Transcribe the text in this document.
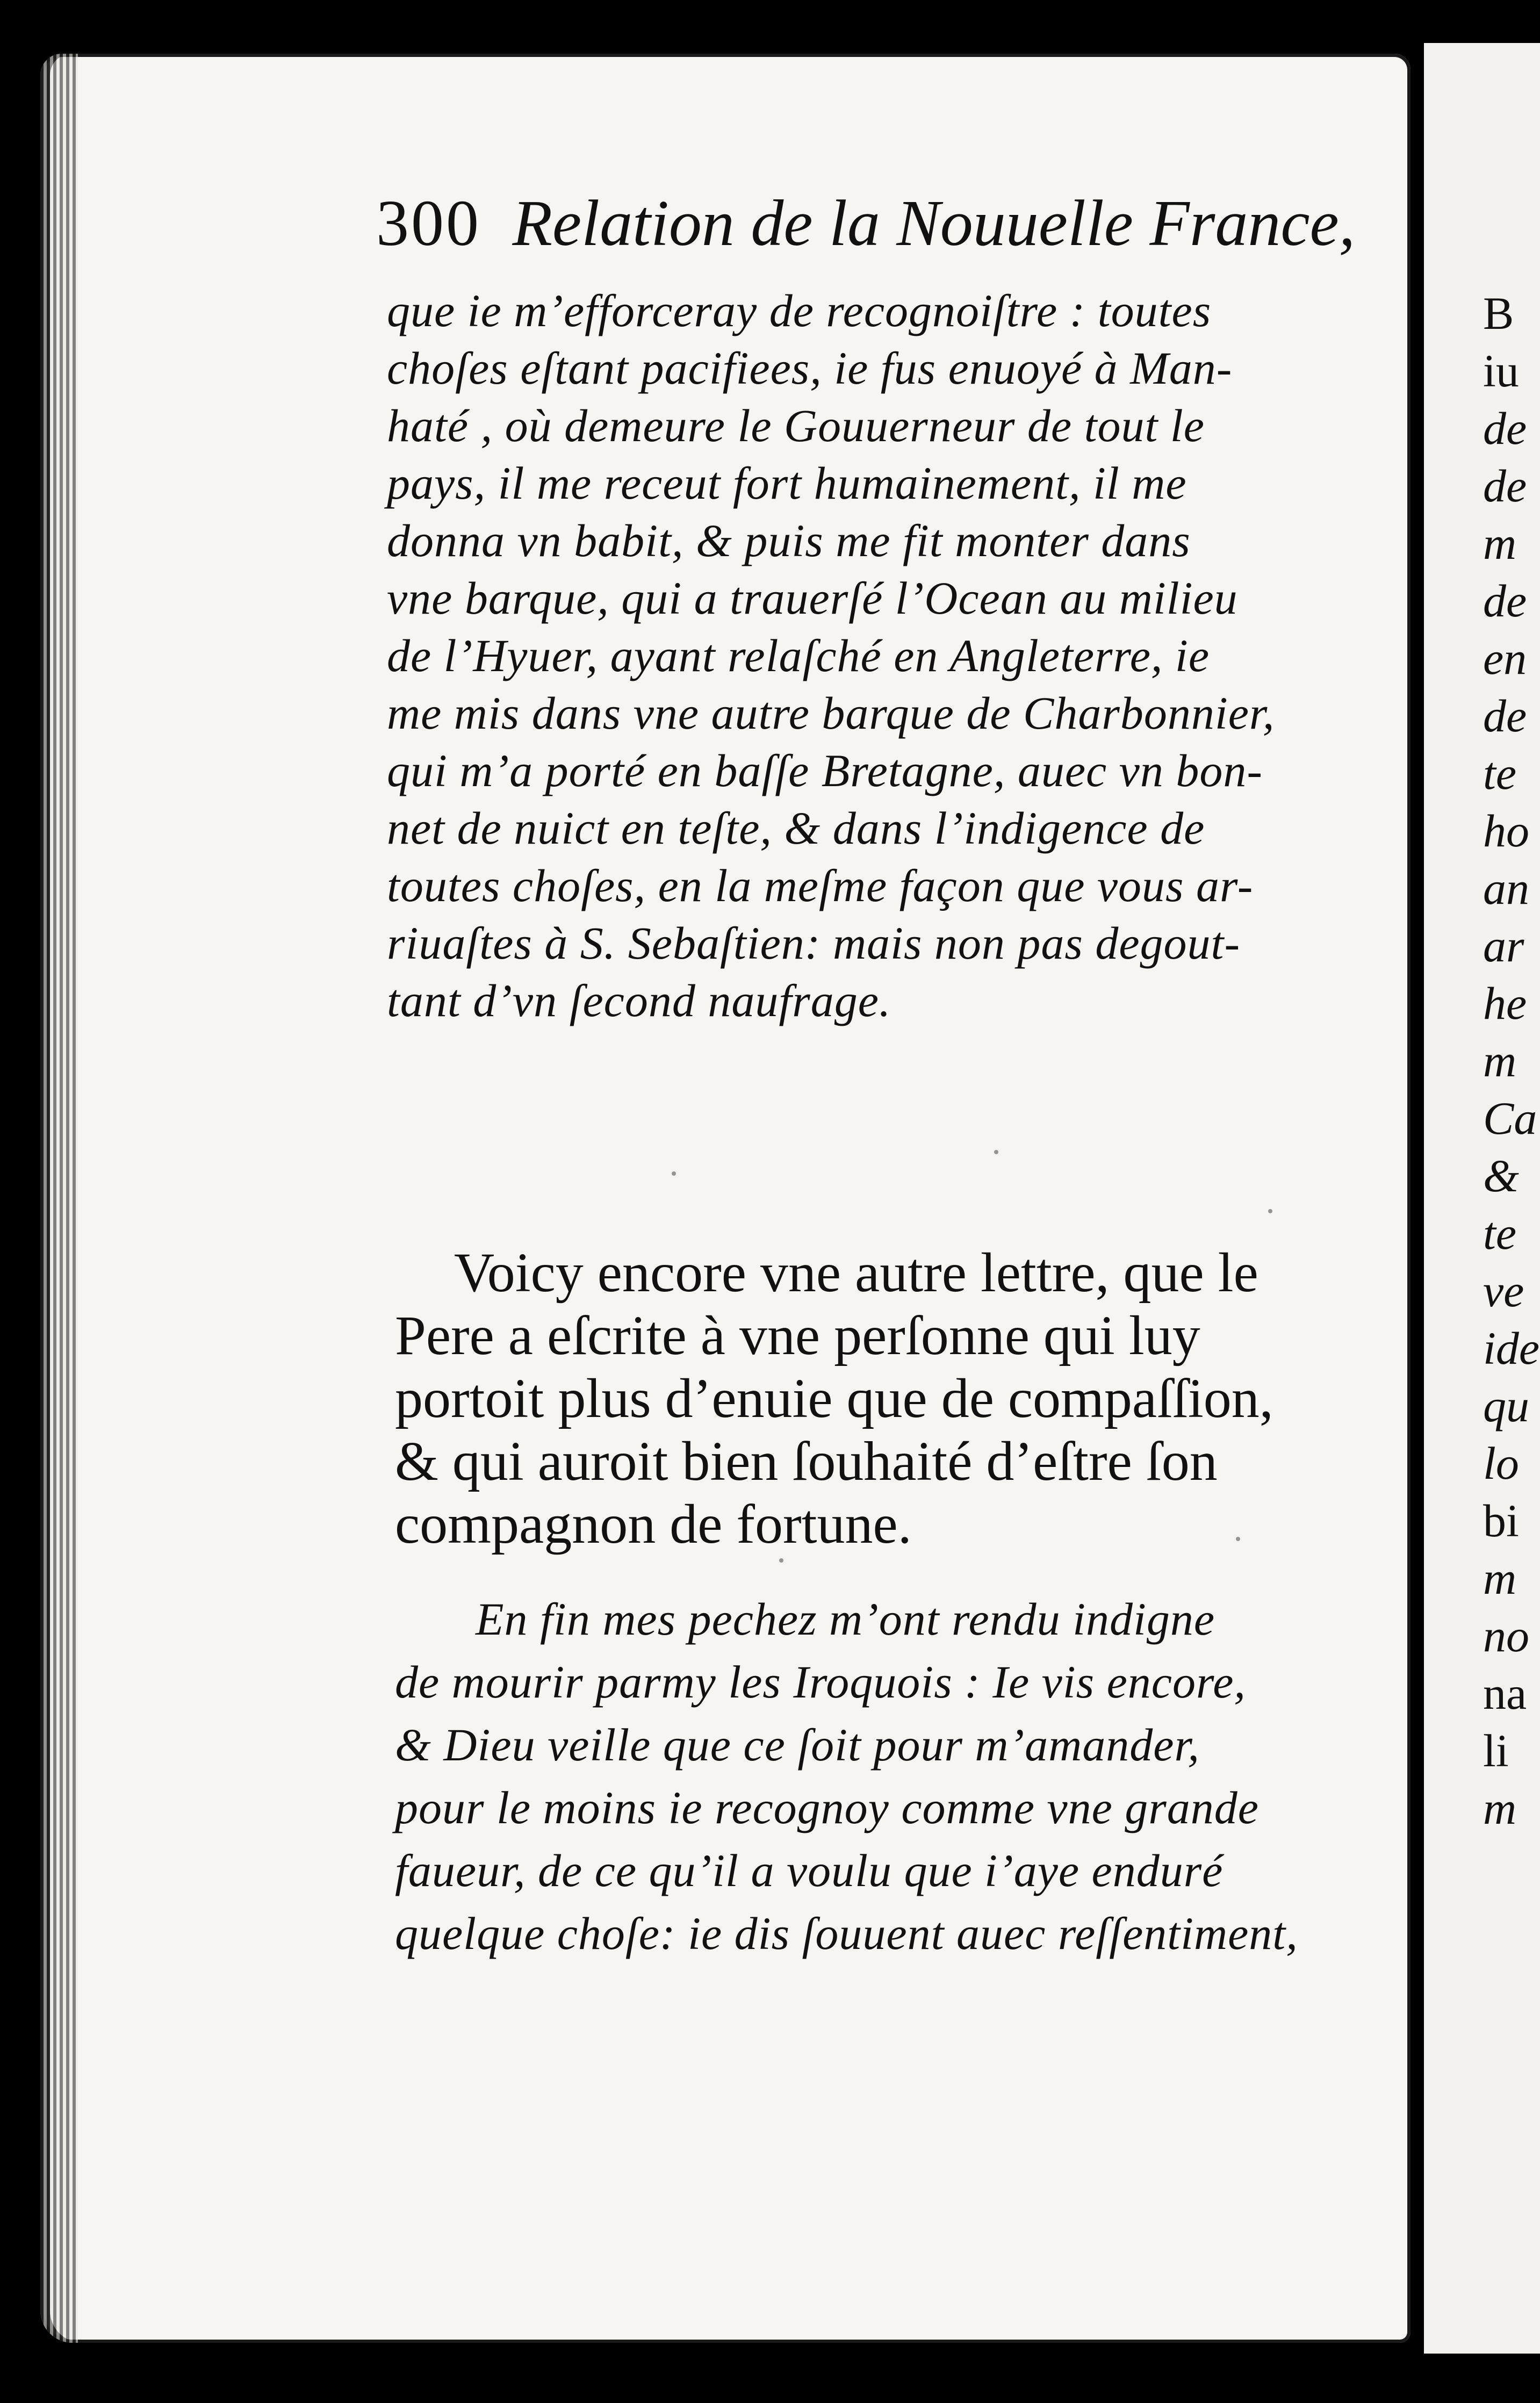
B
iu
de
de
m
de
en
de
te
ho
an
ar
he
m
Ca
&
te
ve
ide
qu
lo
bi
m
no
na
li
m
300 Relation de la Nouuelle France,
que ie m’efforceray de recognoiſtre : toutes
choſes eſtant pacifiees, ie fus enuoyé à Man-
haté , où demeure le Gouuerneur de tout le
pays, il me receut fort humainement, il me
donna vn babit, & puis me fit monter dans
vne barque, qui a trauerſé l’Ocean au milieu
de l’Hyuer, ayant relaſché en Angleterre, ie
me mis dans vne autre barque de Charbonnier,
qui m’a porté en baſſe Bretagne, auec vn bon-
net de nuict en teſte, & dans l’indigence de
toutes choſes, en la meſme façon que vous ar-
riuaſtes à S. Sebaſtien: mais non pas degout-
tant d’vn ſecond naufrage.
Voicy encore vne autre lettre, que le
Pere a eſcrite à vne perſonne qui luy
portoit plus d’enuie que de compaſſion,
& qui auroit bien ſouhaité d’eſtre ſon
compagnon de fortune.
En fin mes pechez m’ont rendu indigne
de mourir parmy les Iroquois : Ie vis encore,
& Dieu veille que ce ſoit pour m’amander,
pour le moins ie recognoy comme vne grande
faueur, de ce qu’il a voulu que i’aye enduré
quelque choſe: ie dis ſouuent auec reſſentiment,
